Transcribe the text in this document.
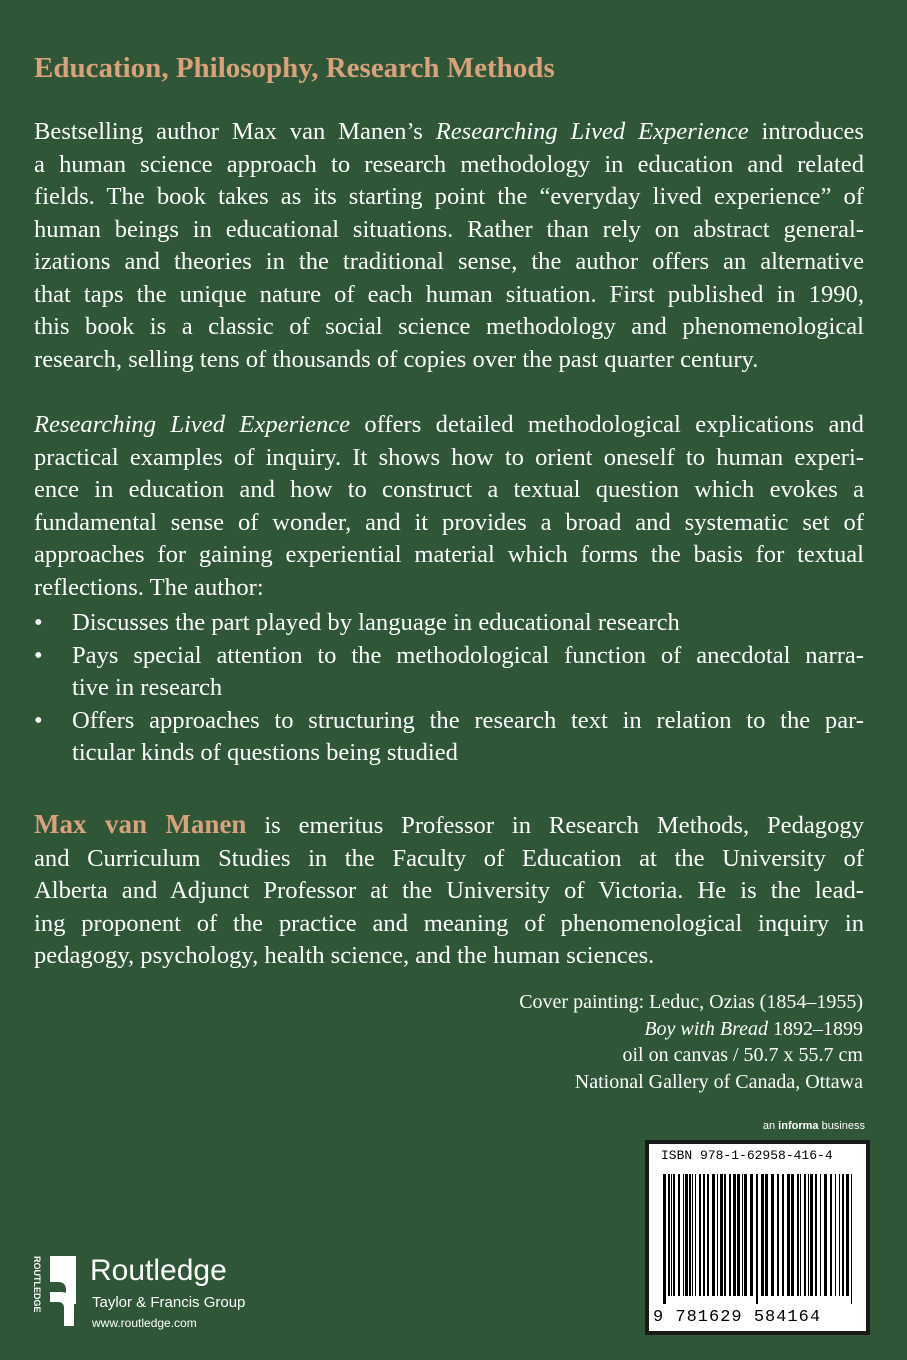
Education, Philosophy, Research Methods
Bestselling author Max van Manen’s Researching Lived Experience introduces
a human science approach to research methodology in education and related
fields. The book takes as its starting point the “everyday lived experience” of
human beings in educational situations. Rather than rely on abstract general-
izations and theories in the traditional sense, the author offers an alternative
that taps the unique nature of each human situation. First published in 1990,
this book is a classic of social science methodology and phenomenological
research, selling tens of thousands of copies over the past quarter century.
Researching Lived Experience offers detailed methodological explications and
practical examples of inquiry. It shows how to orient oneself to human experi-
ence in education and how to construct a textual question which evokes a
fundamental sense of wonder, and it provides a broad and systematic set of
approaches for gaining experiential material which forms the basis for textual
reflections. The author:
• Discusses the part played by language in educational research
• Pays special attention to the methodological function of anecdotal narra-
tive in research
• Offers approaches to structuring the research text in relation to the par-
ticular kinds of questions being studied
Max van Manen is emeritus Professor in Research Methods, Pedagogy
and Curriculum Studies in the Faculty of Education at the University of
Alberta and Adjunct Professor at the University of Victoria. He is the lead-
ing proponent of the practice and meaning of phenomenological inquiry in
pedagogy, psychology, health science, and the human sciences.
Cover painting: Leduc, Ozias (1854–1955)
Boy with Bread 1892–1899
oil on canvas / 50.7 x 55.7 cm
National Gallery of Canada, Ottawa
an informa business
ISBN 978-1-62958-416-4
9 781629 584164
ROUTLEDGE Routledge
Taylor & Francis Group
www.routledge.com
